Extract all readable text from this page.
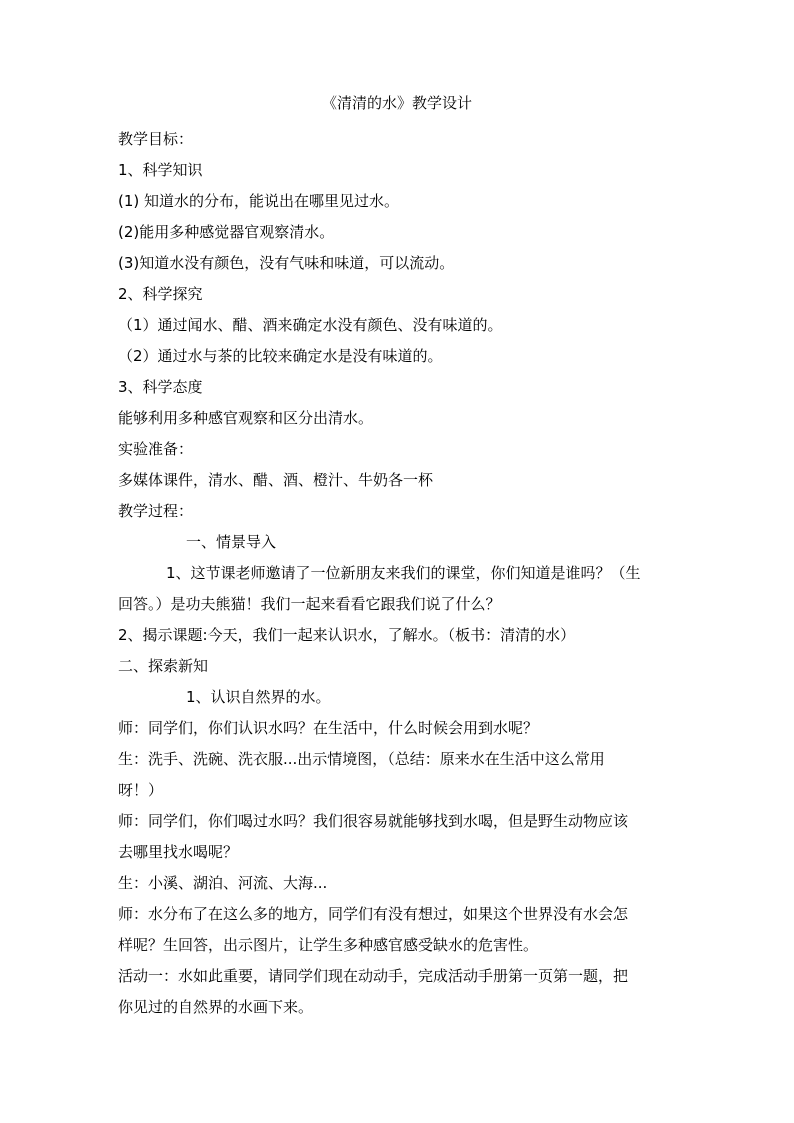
《清清的水》教学设计
教学目标：
1、科学知识
(1) 知道水的分布，能说出在哪里见过水。
(2)能用多种感觉器官观察清水。
(3)知道水没有颜色，没有气味和味道，可以流动。
2、科学探究
（1）通过闻水、醋、酒来确定水没有颜色、没有味道的。
（2）通过水与茶的比较来确定水是没有味道的。
3、科学态度
能够利用多种感官观察和区分出清水。
实验准备：
多媒体课件，清水、醋、酒、橙汁、牛奶各一杯
教学过程：
一、情景导入
1、这节课老师邀请了一位新朋友来我们的课堂，你们知道是谁吗？（生
回答。）是功夫熊猫！我们一起来看看它跟我们说了什么？
2、揭示课题:今天，我们一起来认识水，了解水。（板书：清清的水）
二、探索新知
1、认识自然界的水。
师：同学们，你们认识水吗？在生活中，什么时候会用到水呢？
生：洗手、洗碗、洗衣服...出示情境图，（总结：原来水在生活中这么常用
呀！）
师：同学们，你们喝过水吗？我们很容易就能够找到水喝，但是野生动物应该
去哪里找水喝呢？
生：小溪、湖泊、河流、大海...
师：水分布了在这么多的地方，同学们有没有想过，如果这个世界没有水会怎
样呢？生回答，出示图片，让学生多种感官感受缺水的危害性。
活动一：水如此重要，请同学们现在动动手，完成活动手册第一页第一题，把
你见过的自然界的水画下来。
